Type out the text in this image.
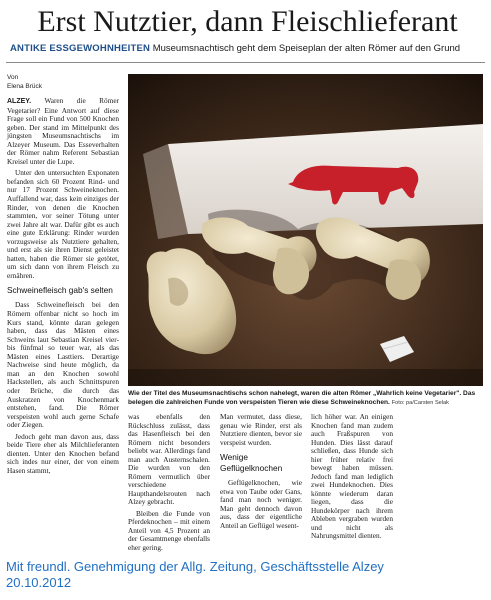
Erst Nutztier, dann Fleischlieferant
ANTIKE ESSGEWOHNHEITEN Museumsnachtisch geht dem Speiseplan der alten Römer auf den Grund
Von
Elena Brück

ALZEY. Waren die Römer Vegetarier? Eine Antwort auf diese Frage soll ein Fund von 500 Knochen geben. Der stand im Mittelpunkt des jüngsten Museumsnachtischs im Alzeyer Museum. Das Esseverhalten der Römer nahm Referent Sebastian Kreisel unter die Lupe.

Unter den untersuchten Exponaten befanden sich 60 Prozent Rind- und nur 17 Prozent Schweineknochen. Auffallend war, dass kein einziges der Rinder, von denen die Knochen stammten, vor seiner Tötung unter zwei Jahre alt war. Dafür gibt es auch eine gute Erklärung: Rinder wurden vorzugsweise als Nutztiere gehalten, und erst als sie ihren Dienst geleistet hatten, haben die Römer sie getötet, um sich dann von ihrem Fleisch zu ernähren.

Schweinefleisch gab's selten

Dass Schweinefleisch bei den Römern offenbar nicht so hoch im Kurs stand, könnte daran gelegen haben, dass das Mästen eines Schweins laut Sebastian Kreisel vier- bis fünfmal so teuer war, als das Mästen eines Lasttiers. Derartige Nachweise sind heute möglich, da man an den Knochen sowohl Hackstellen, als auch Schnittspuren oder Brüche, die durch das Auskratzen von Knochenmark entstehen, fand. Die Römer verspeisten wohl auch gerne Schafe oder Ziegen.

Jedoch geht man davon aus, dass beide Tiere eher als Milchlieferanten dienten. Unter den Knochen befand sich indes nur einer, der von einem Hasen stammt,

Wie der Titel des Museumsnachtischs schon nahelegt, waren die alten Römer „Wahrlich keine Vegetarier". Das belegen die zahlreichen Funde von verspeisten Tieren wie diese Schweineknochen. Foto: pa/Carsten Selak

was ebenfalls den Rückschluss zulässt, dass das Hasenfleisch bei den Römern nicht besonders beliebt war. Allerdings fand man auch Austernschalen. Die wurden von den Römern vermutlich über verschiedene Haupthandelsrouten nach Alzey gebracht.

Bleiben die Funde von Pferdeknochen – mit einem Anteil von 4,5 Prozent an der Gesamtmenge ebenfalls eher gering.

Man vermutet, dass diese, genau wie Rinder, erst als Nutztiere dienten, bevor sie verspeist wurden.

Wenige Geflügelknochen

Geflügelknochen, wie etwa von Taube oder Gans, fand man noch weniger. Man geht dennoch davon aus, dass der eigentliche Anteil an Geflügel wesent-

lich höher war. An einigen Knochen fand man zudem auch Fraßspuren von Hunden. Dies lässt darauf schließen, dass Hunde sich hier früher relativ frei bewegt haben müssen. Jedoch fand man lediglich zwei Hundeknochen. Dies könnte wiederum daran liegen, dass die Hundekörper nach ihrem Ableben vergraben wurden und nicht als Nahrungsmittel dienten.

Mit freundl. Genehmigung der Allg. Zeitung, Geschäftsstelle Alzey
20.10.2012
